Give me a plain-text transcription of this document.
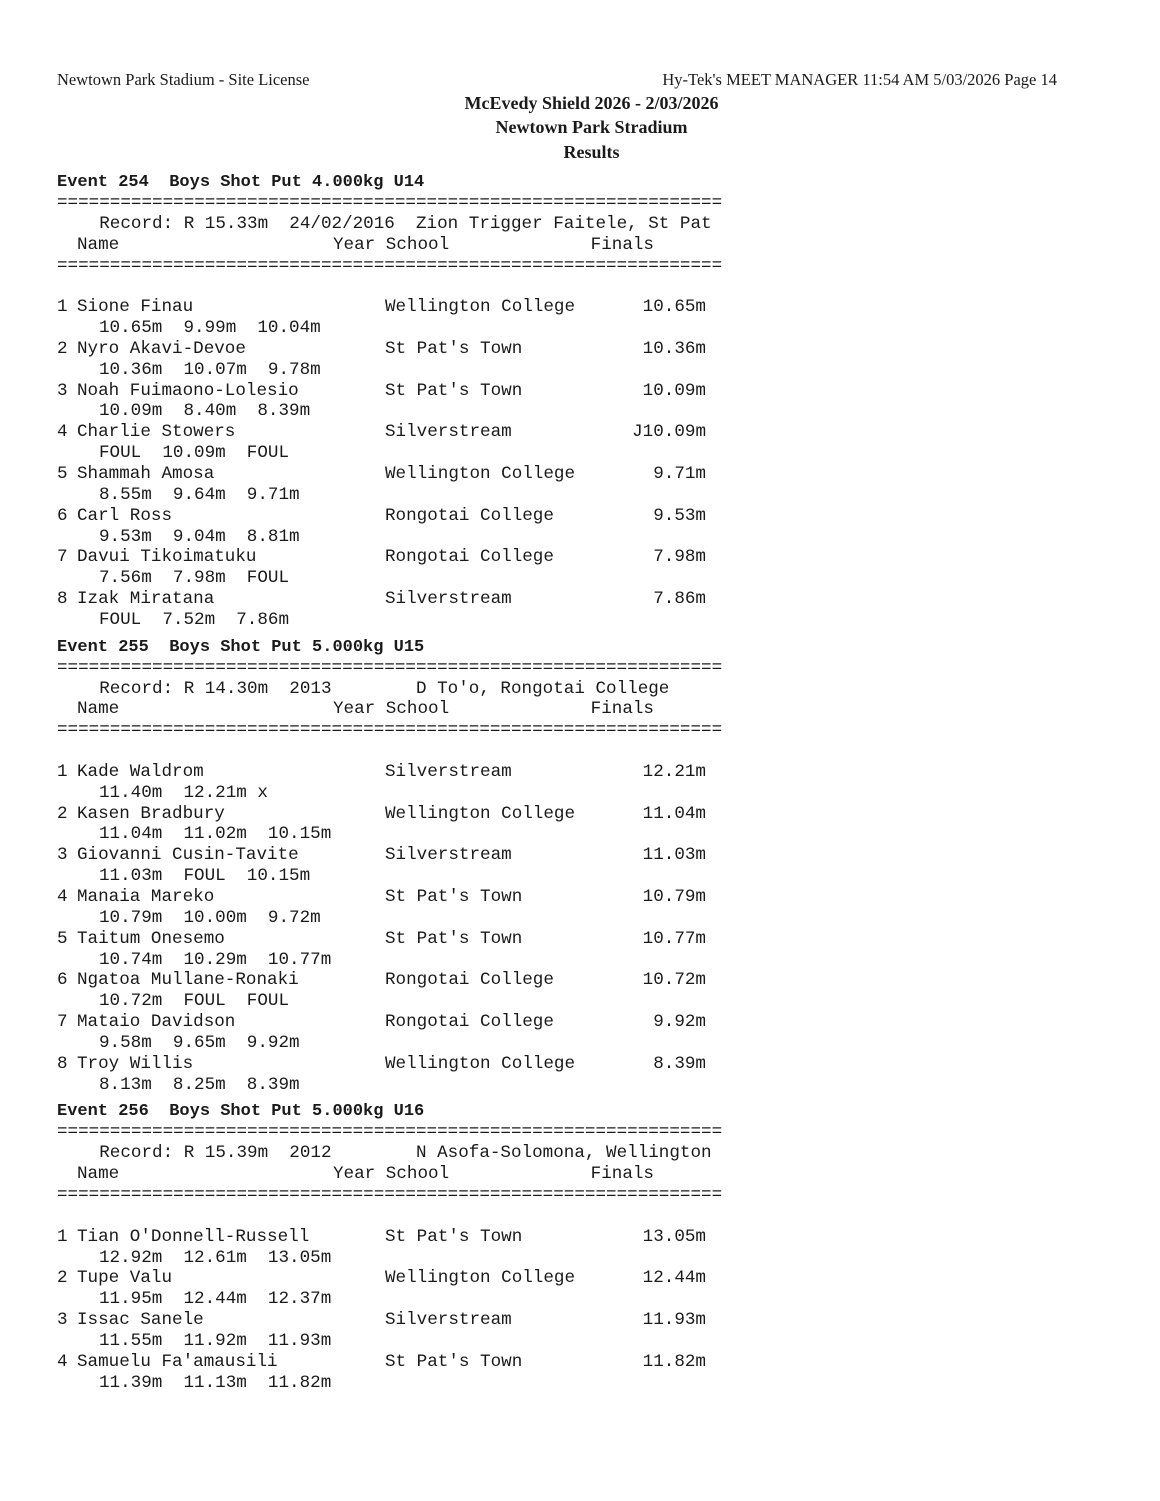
Newtown Park Stadium - Site License	Hy-Tek's MEET MANAGER 11:54 AM 5/03/2026 Page 14
McEvedy Shield 2026 - 2/03/2026
Newtown Park Stradium
Results
Event 254  Boys Shot Put 4.000kg U14
===============================================================
Record: R 15.33m  24/02/2016  Zion Trigger Faitele, St Pat
Name	Year School	Finals
===============================================================
1 Sione Finau	Wellington College	10.65m
10.65m  9.99m  10.04m
2 Nyro Akavi-Devoe	St Pat's Town	10.36m
10.36m  10.07m  9.78m
3 Noah Fuimaono-Lolesio	St Pat's Town	10.09m
10.09m  8.40m  8.39m
4 Charlie Stowers	Silverstream	J10.09m
FOUL  10.09m  FOUL
5 Shammah Amosa	Wellington College	9.71m
8.55m  9.64m  9.71m
6 Carl Ross	Rongotai College	9.53m
9.53m  9.04m  8.81m
7 Davui Tikoimatuku	Rongotai College	7.98m
7.56m  7.98m  FOUL
8 Izak Miratana	Silverstream	7.86m
FOUL  7.52m  7.86m
Event 255  Boys Shot Put 5.000kg U15
===============================================================
Record: R 14.30m  2013        D To'o, Rongotai College
Name	Year School	Finals
===============================================================
1 Kade Waldrom	Silverstream	12.21m
11.40m  12.21m x
2 Kasen Bradbury	Wellington College	11.04m
11.04m  11.02m  10.15m
3 Giovanni Cusin-Tavite	Silverstream	11.03m
11.03m  FOUL  10.15m
4 Manaia Mareko	St Pat's Town	10.79m
10.79m  10.00m  9.72m
5 Taitum Onesemo	St Pat's Town	10.77m
10.74m  10.29m  10.77m
6 Ngatoa Mullane-Ronaki	Rongotai College	10.72m
10.72m  FOUL  FOUL
7 Mataio Davidson	Rongotai College	9.92m
9.58m  9.65m  9.92m
8 Troy Willis	Wellington College	8.39m
8.13m  8.25m  8.39m
Event 256  Boys Shot Put 5.000kg U16
===============================================================
Record: R 15.39m  2012        N Asofa-Solomona, Wellington
Name	Year School	Finals
===============================================================
1 Tian O'Donnell-Russell	St Pat's Town	13.05m
12.92m  12.61m  13.05m
2 Tupe Valu	Wellington College	12.44m
11.95m  12.44m  12.37m
3 Issac Sanele	Silverstream	11.93m
11.55m  11.92m  11.93m
4 Samuelu Fa'amausili	St Pat's Town	11.82m
11.39m  11.13m  11.82m
